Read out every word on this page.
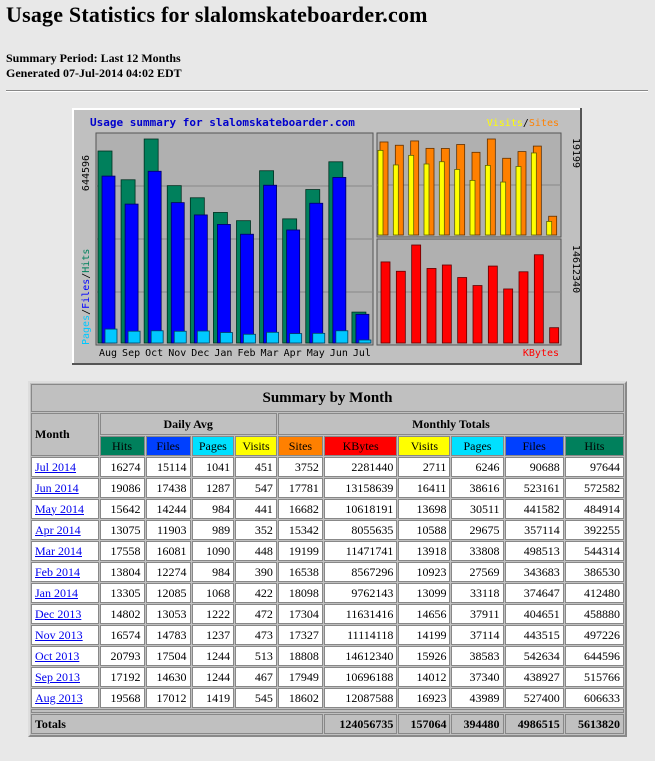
Usage Statistics for slalomskateboarder.com
Summary Period: Last 12 Months
Generated 07-Jul-2014 04:02 EDT
Usage summary for slalomskateboarder.com
Aug Sep Oct Nov Dec Jan Feb Mar Apr May Jun Jul
644596
Pages/Files/Hits
Visits/Sites
19199
KBytes
14612340
Summary by Month										
Month	Daily Avg				Monthly Totals					
	Hits	Files	Pages	Visits	Sites	KBytes	Visits	Pages	Files	Hits
Jul 2014	16274	15114	1041	451	3752	2281440	2711	6246	90688	97644
Jun 2014	19086	17438	1287	547	17781	13158639	16411	38616	523161	572582
May 2014	15642	14244	984	441	16682	10618191	13698	30511	441582	484914
Apr 2014	13075	11903	989	352	15342	8055635	10588	29675	357114	392255
Mar 2014	17558	16081	1090	448	19199	11471741	13918	33808	498513	544314
Feb 2014	13804	12274	984	390	16538	8567296	10923	27569	343683	386530
Jan 2014	13305	12085	1068	422	18098	9762143	13099	33118	374647	412480
Dec 2013	14802	13053	1222	472	17304	11631416	14656	37911	404651	458880
Nov 2013	16574	14783	1237	473	17327	11114118	14199	37114	443515	497226
Oct 2013	20793	17504	1244	513	18808	14612340	15926	38583	542634	644596
Sep 2013	17192	14630	1244	467	17949	10696188	14012	37340	438927	515766
Aug 2013	19568	17012	1419	545	18602	12087588	16923	43989	527400	606633

Totals						124056735	157064	394480	4986515	5613820
